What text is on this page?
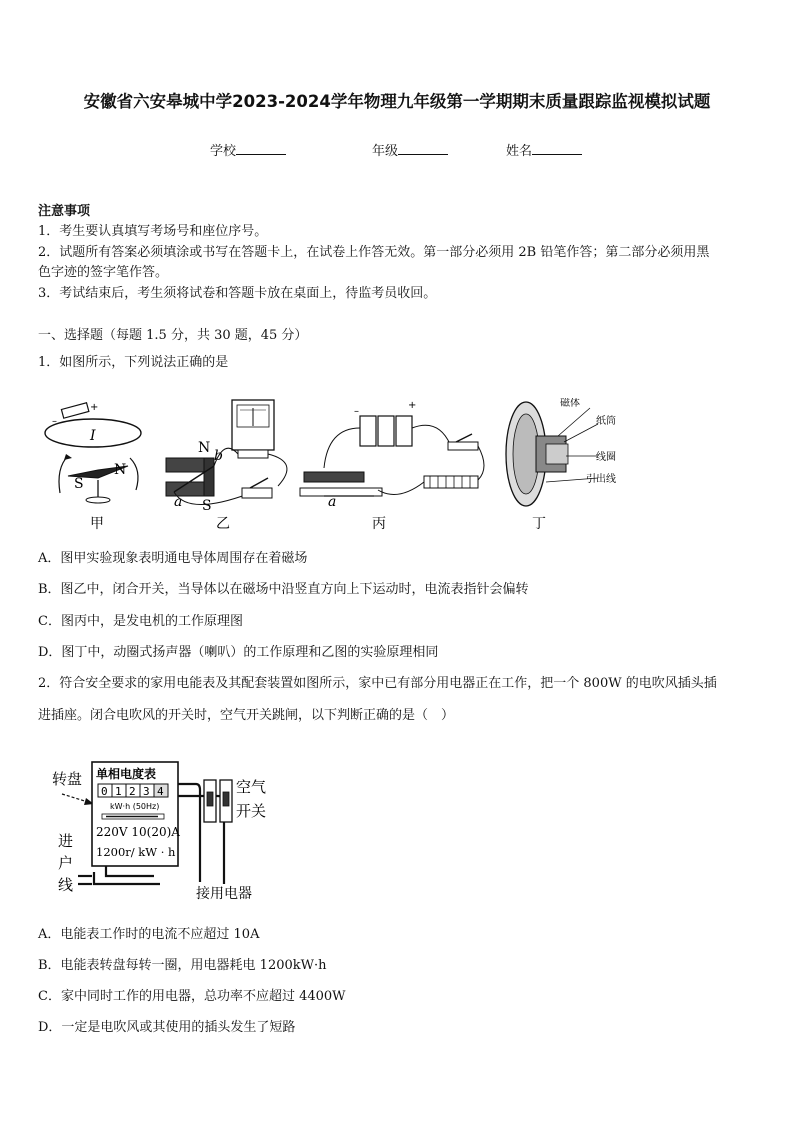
安徽省六安皋城中学2023-2024学年物理九年级第一学期期末质量跟踪监视模拟试题
学校	年级	姓名
注意事项
1．考生要认真填写考场号和座位序号。
2．试题所有答案必须填涂或书写在答题卡上，在试卷上作答无效。第一部分必须用 2B 铅笔作答；第二部分必须用黑
色字迹的签字笔作答。
3．考试结束后，考生须将试卷和答题卡放在桌面上，待监考员收回。
一、选择题（每题 1.5 分，共 30 题，45 分）
1．如图所示，下列说法正确的是
+
–
I
S
N
N
S
a
b
–
+
a
磁体
纸筒
线圈
引出线
甲	乙	丙	丁
A．图甲实验现象表明通电导体周围存在着磁场
B．图乙中，闭合开关，当导体以在磁场中沿竖直方向上下运动时，电流表指针会偏转
C．图丙中，是发电机的工作原理图
D．图丁中，动圈式扬声器（喇叭）的工作原理和乙图的实验原理相同
2．符合安全要求的家用电能表及其配套装置如图所示，家中已有部分用电器正在工作，把一个 800W 的电吹风插头插
进插座。闭合电吹风的开关时，空气开关跳闸，以下判断正确的是（　）
转盘 单相电度表
0 1 2 3 4
kW·h (50Hz)
220V 10(20)A
1200r/ kW · h
空气
开关
进
户
线	接用电器
A．电能表工作时的电流不应超过 10A
B．电能表转盘每转一圈，用电器耗电 1200kW·h
C．家中同时工作的用电器，总功率不应超过 4400W
D．一定是电吹风或其使用的插头发生了短路
